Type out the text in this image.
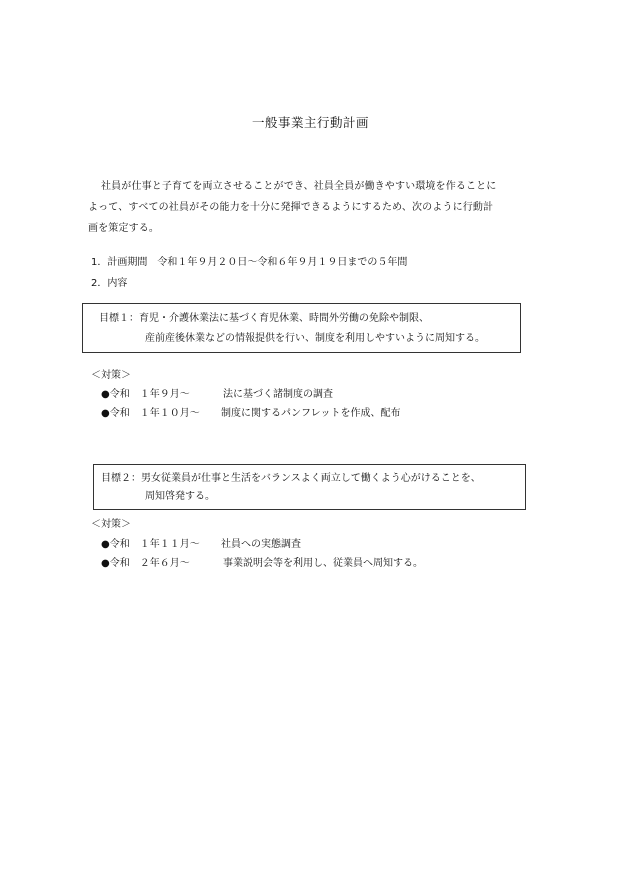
一般事業主行動計画
社員が仕事と子育てを両立させることができ、社員全員が働きやすい環境を作ることに
よって、すべての社員がその能力を十分に発揮できるようにするため、次のように行動計
画を策定する。
1．計画期間　令和１年９月２０日～令和６年９月１９日までの５年間
2．内容
目標１：育児・介護休業法に基づく育児休業、時間外労働の免除や制限、
産前産後休業などの情報提供を行い、制度を利用しやすいように周知する。
＜対策＞
●令和　１年９月～	法に基づく諸制度の調査
●令和　１年１０月～ 制度に関するパンフレットを作成、配布
目標２：男女従業員が仕事と生活をバランスよく両立して働くよう心がけることを、
周知啓発する。
＜対策＞
●令和　１年１１月～ 社員への実態調査
●令和　２年６月～	事業説明会等を利用し、従業員へ周知する。
